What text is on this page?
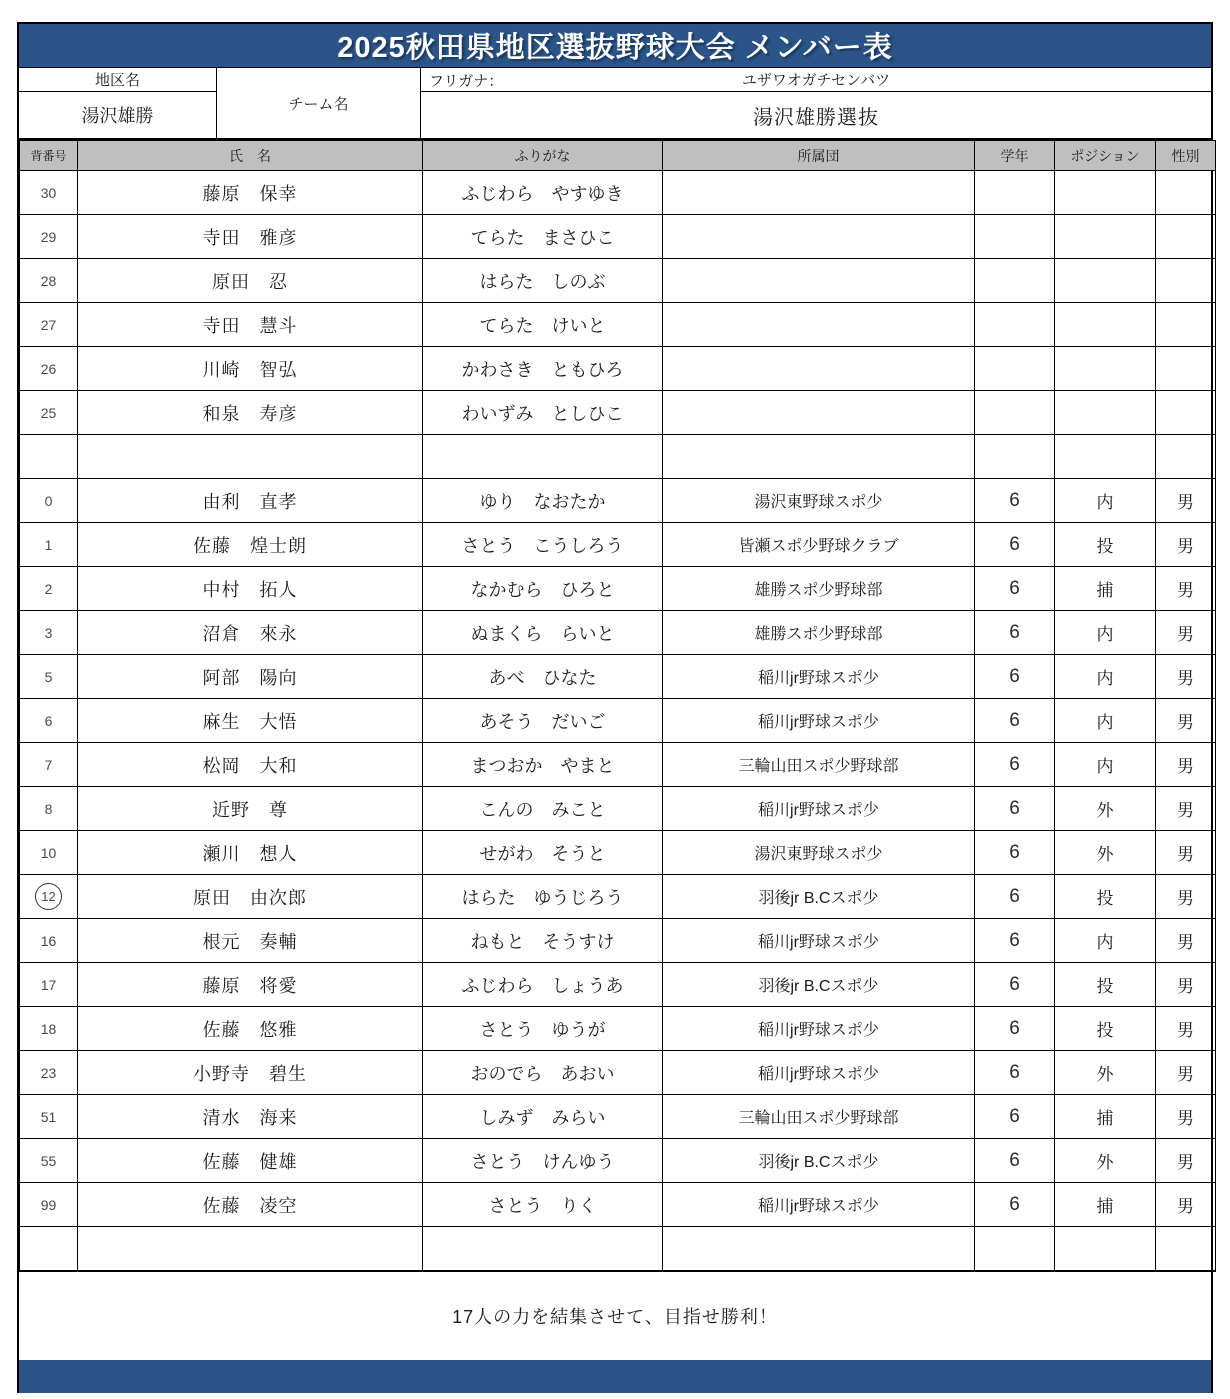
2025秋田県地区選抜野球大会 メンバー表
地区名
湯沢雄勝
チーム名
フリガナ：	ユザワオガチセンバツ
湯沢雄勝選抜
背番号	氏　名	ふりがな	所属団	学年	ポジション	性別
30	藤原　保幸	ふじわら　やすゆき				
29	寺田　雅彦	てらた　まさひこ				
28	原田　忍	はらた　しのぶ				
27	寺田　慧斗	てらた　けいと				
26	川崎　智弘	かわさき　ともひろ				
25	和泉　寿彦	わいずみ　としひこ				

0	由利　直孝	ゆり　なおたか	湯沢東野球スポ少	6	内	男
1	佐藤　煌士朗	さとう　こうしろう	皆瀬スポ少野球クラブ	6	投	男
2	中村　拓人	なかむら　ひろと	雄勝スポ少野球部	6	捕	男
3	沼倉　來永	ぬまくら　らいと	雄勝スポ少野球部	6	内	男
5	阿部　陽向	あべ　ひなた	稲川jr野球スポ少	6	内	男
6	麻生　大悟	あそう　だいご	稲川jr野球スポ少	6	内	男
7	松岡　大和	まつおか　やまと	三輪山田スポ少野球部	6	内	男
8	近野　尊	こんの　みこと	稲川jr野球スポ少	6	外	男
10	瀬川　想人	せがわ　そうと	湯沢東野球スポ少	6	外	男
12	原田　由次郎	はらた　ゆうじろう	羽後jr B.Cスポ少	6	投	男
16	根元　奏輔	ねもと　そうすけ	稲川jr野球スポ少	6	内	男
17	藤原　将愛	ふじわら　しょうあ	羽後jr B.Cスポ少	6	投	男
18	佐藤　悠雅	さとう　ゆうが	稲川jr野球スポ少	6	投	男
23	小野寺　碧生	おのでら　あおい	稲川jr野球スポ少	6	外	男
51	清水　海来	しみず　みらい	三輪山田スポ少野球部	6	捕	男
55	佐藤　健雄	さとう　けんゆう	羽後jr B.Cスポ少	6	外	男
99	佐藤　凌空	さとう　りく	稲川jr野球スポ少	6	捕	男

17人の力を結集させて、目指せ勝利！
